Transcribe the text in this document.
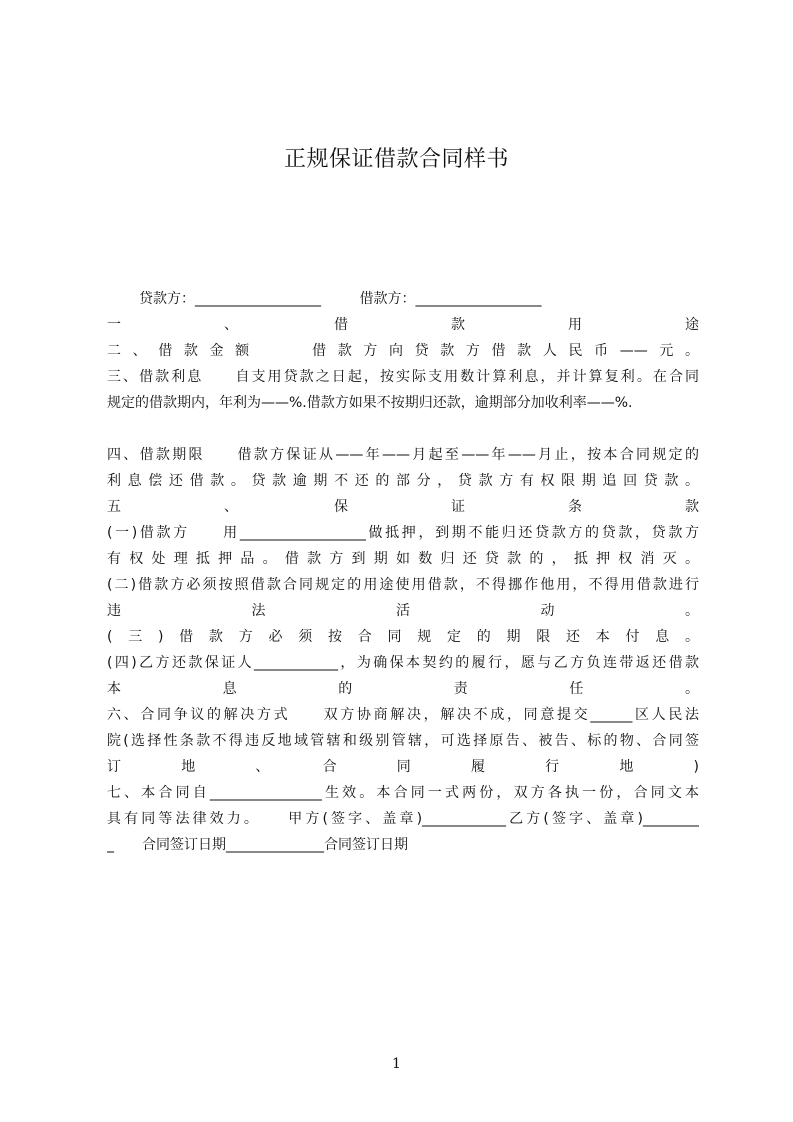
正规保证借款合同样书
贷款方：__________________	借款方：__________________
一　　、　　借　　款　　用　　途
二、借款金额　　借款方向贷款方借款人民币——元。
三、借款利息　　自支用贷款之日起，按实际支用数计算利息，并计算复利。在合同
规定的借款期内，年利为——%.借款方如果不按期归还款，逾期部分加收利率——%.
四、借款期限　　借款方保证从——年——月起至——年——月止，按本合同规定的
利息偿还借款。贷款逾期不还的部分，贷款方有权限期追回贷款。
五　　、　　保　　证　　条　　款
(一)借款方　　用__________________做抵押，到期不能归还贷款方的贷款，贷款方
有权处理抵押品。借款方到期如数归还贷款的，抵押权消灭。
(二)借款方必须按照借款合同规定的用途使用借款，不得挪作他用，不得用借款进行
违　　法　　活　　动　　。
(三)借款方必须按合同规定的期限还本付息。
(四)乙方还款保证人____________，为确保本契约的履行，愿与乙方负连带返还借款
本　　息　　的　　责　　任　　。
六、合同争议的解决方式　　双方协商解决，解决不成，同意提交______区人民法
院(选择性条款不得违反地域管辖和级别管辖，可选择原告、被告、标的物、合同签
订　　地　　、　　合　　同　　履　　行　　地　　)
七、本合同自________________生效。本合同一式两份，双方各执一份，合同文本
具有同等法律效力。　　甲方(签字、盖章)____________乙方(签字、盖章)________
_　　合同签订日期______________合同签订日期
1
